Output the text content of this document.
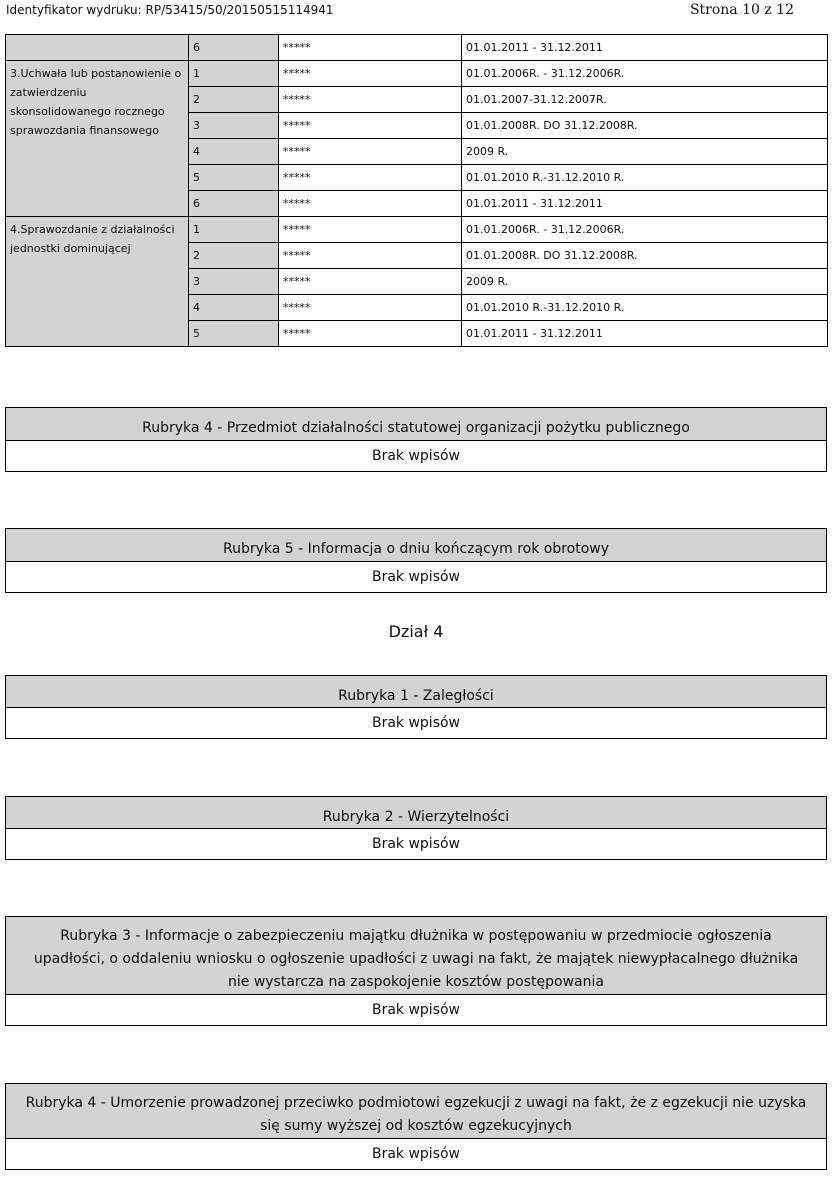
Identyfikator wydruku: RP/53415/50/20150515114941	Strona 10 z 12
	6	*****	01.01.2011 - 31.12.2011
3.Uchwała lub postanowienie o zatwierdzeniu skonsolidowanego rocznego sprawozdania finansowego	1	*****	01.01.2006R. - 31.12.2006R.
	2	*****	01.01.2007-31.12.2007R.
	3	*****	01.01.2008R. DO 31.12.2008R.
	4	*****	2009 R.
	5	*****	01.01.2010 R.-31.12.2010 R.
	6	*****	01.01.2011 - 31.12.2011
4.Sprawozdanie z działalności jednostki dominującej	1	*****	01.01.2006R. - 31.12.2006R.
	2	*****	01.01.2008R. DO 31.12.2008R.
	3	*****	2009 R.
	4	*****	01.01.2010 R.-31.12.2010 R.
	5	*****	01.01.2011 - 31.12.2011
Rubryka 4 - Przedmiot działalności statutowej organizacji pożytku publicznego
Brak wpisów
Rubryka 5 - Informacja o dniu kończącym rok obrotowy
Brak wpisów
Rubryka 1 - Zaległości
Brak wpisów
Rubryka 2 - Wierzytelności
Brak wpisów
Rubryka 3 - Informacje o zabezpieczeniu majątku dłużnika w postępowaniu w przedmiocie ogłoszenia upadłości, o oddaleniu wniosku o ogłoszenie upadłości z uwagi na fakt, że majątek niewypłacalnego dłużnika nie wystarcza na zaspokojenie kosztów postępowania
Brak wpisów
Rubryka 4 - Umorzenie prowadzonej przeciwko podmiotowi egzekucji z uwagi na fakt, że z egzekucji nie uzyska się sumy wyższej od kosztów egzekucyjnych
Brak wpisów
Dział 4
